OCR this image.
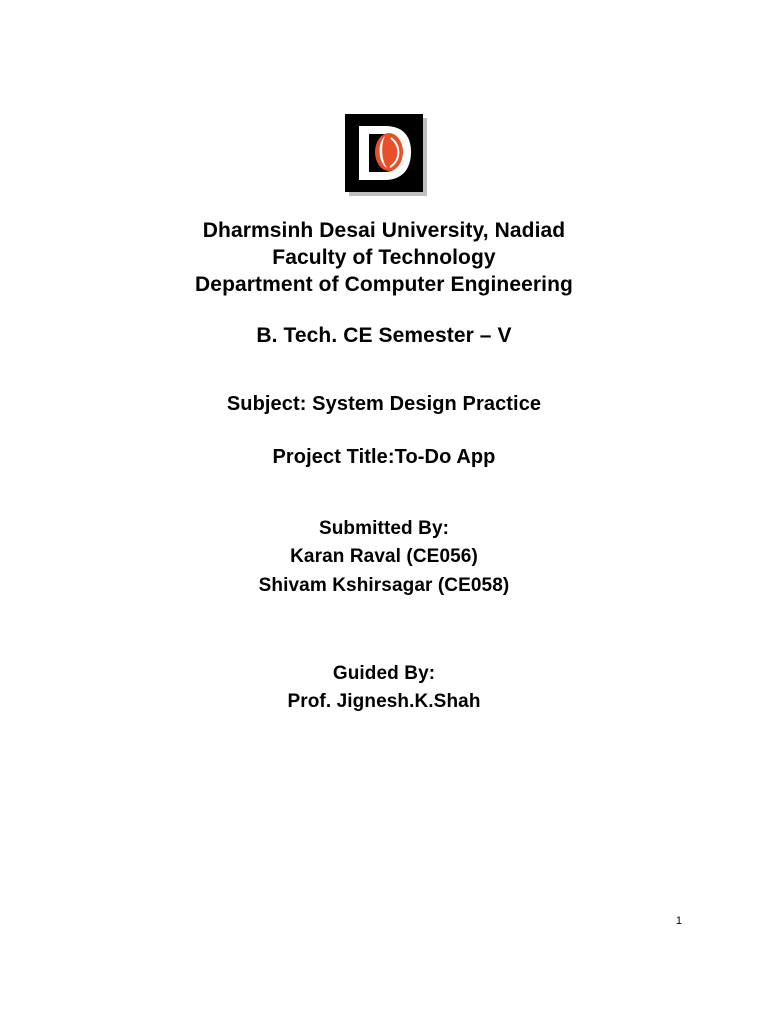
Dharmsinh Desai University, Nadiad
Faculty of Technology
Department of Computer Engineering
B. Tech. CE Semester – V
Subject: System Design Practice
Project Title:To-Do App
Submitted By:
Karan Raval (CE056)
Shivam Kshirsagar (CE058)
Guided By:
Prof. Jignesh.K.Shah
1
